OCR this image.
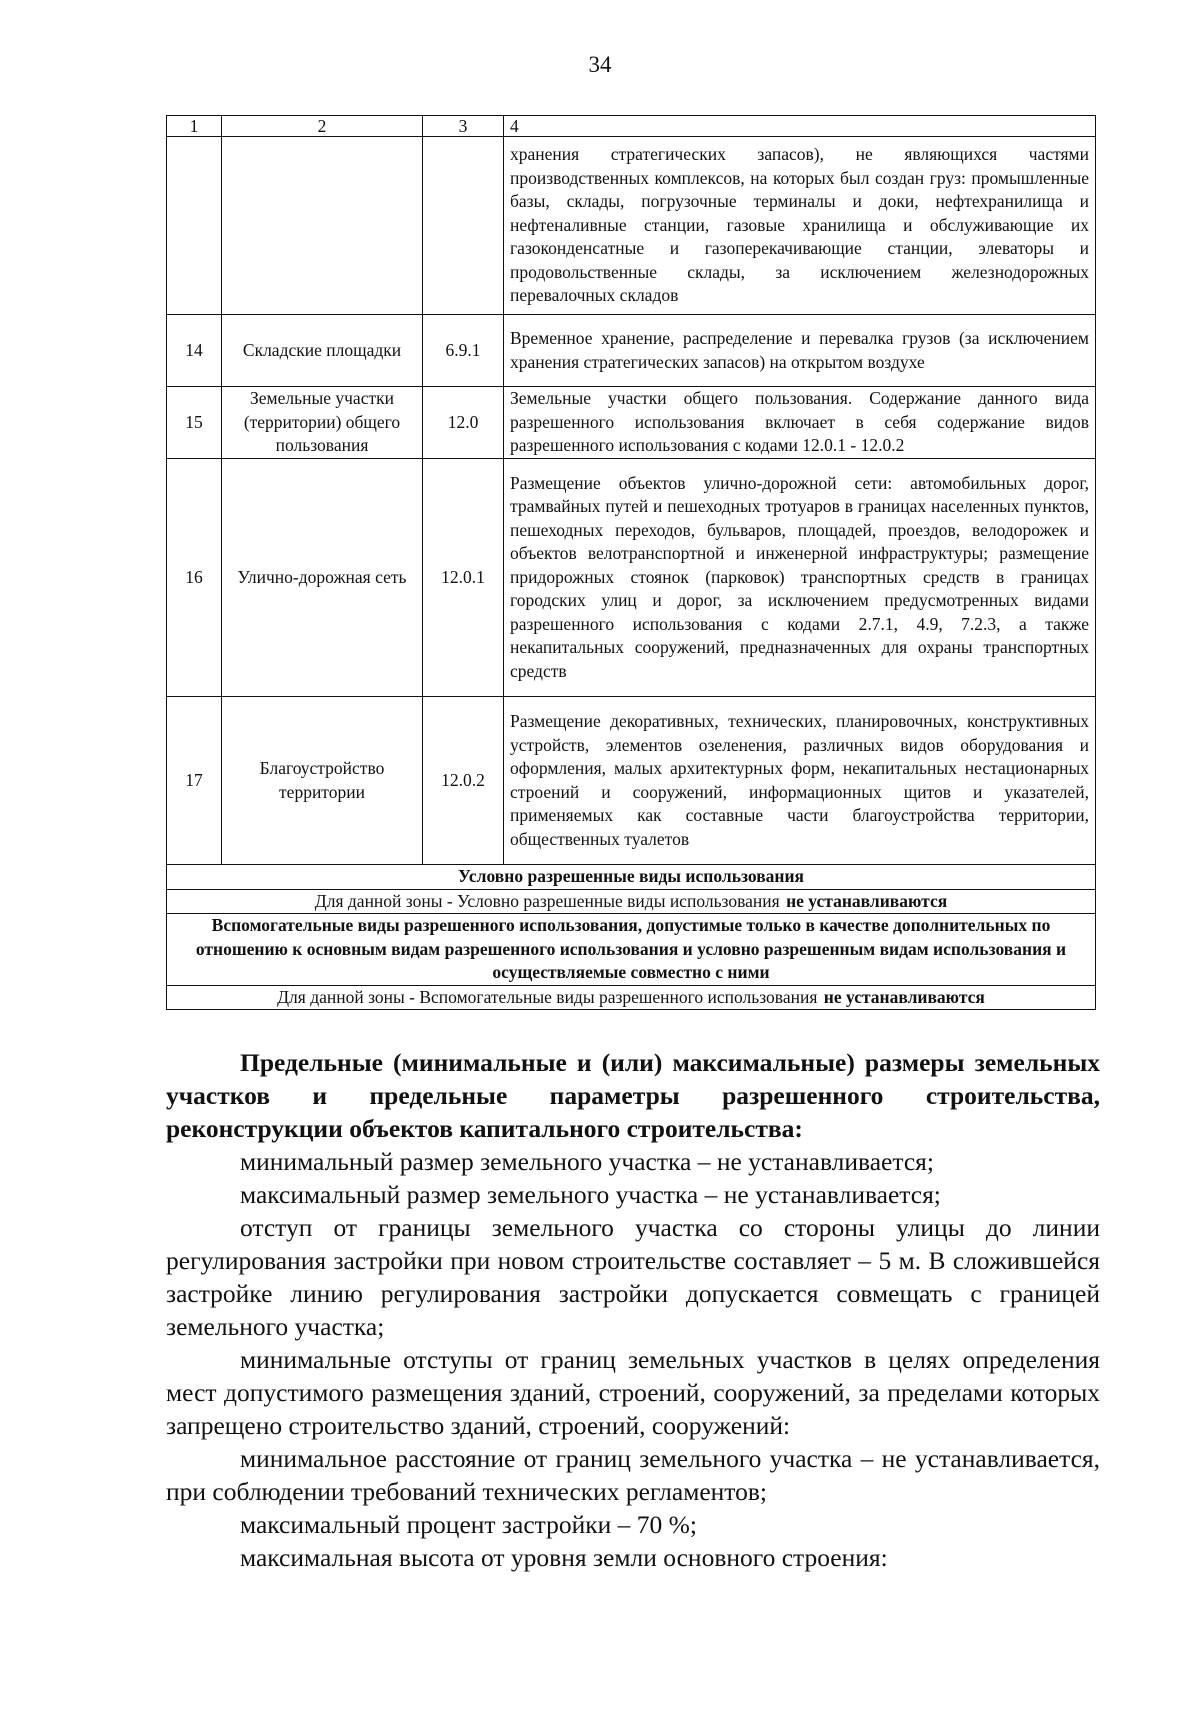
34
1	2	3	4
			хранения стратегических запасов), не являющихся частями производственных комплексов, на которых был создан груз: промышленные базы, склады, погрузочные терминалы и доки, нефтехранилища и нефтеналивные станции, газовые хранилища и обслуживающие их газоконденсатные и газоперекачивающие станции, элеваторы и продовольственные склады, за исключением железнодорожных перевалочных складов
14	Складские площадки	6.9.1	Временное хранение, распределение и перевалка грузов (за исключением хранения стратегических запасов) на открытом воздухе
15	Земельные участки (территории) общего пользования	12.0	Земельные участки общего пользования. Содержание данного вида разрешенного использования включает в себя содержание видов разрешенного использования с кодами 12.0.1 - 12.0.2
16	Улично-дорожная сеть	12.0.1	Размещение объектов улично-дорожной сети: автомобильных дорог, трамвайных путей и пешеходных тротуаров в границах населенных пунктов, пешеходных переходов, бульваров, площадей, проездов, велодорожек и объектов велотранспортной и инженерной инфраструктуры; размещение придорожных стоянок (парковок) транспортных средств в границах городских улиц и дорог, за исключением предусмотренных видами разрешенного использования с кодами 2.7.1, 4.9, 7.2.3, а также некапитальных сооружений, предназначенных для охраны транспортных средств
17	Благоустройство территории	12.0.2	Размещение декоративных, технических, планировочных, конструктивных устройств, элементов озеленения, различных видов оборудования и оформления, малых архитектурных форм, некапитальных нестационарных строений и сооружений, информационных щитов и указателей, применяемых как составные части благоустройства территории, общественных туалетов
Условно разрешенные виды использования			
Для данной зоны - Условно разрешенные виды использования не устанавливаются			
Вспомогательные виды разрешенного использования, допустимые только в качестве дополнительных по отношению к основным видам разрешенного использования и условно разрешенным видам использования и осуществляемые совместно с ними			
Для данной зоны - Вспомогательные виды разрешенного использования не устанавливаются			

Предельные (минимальные и (или) максимальные) размеры земельных участков и предельные параметры разрешенного строительства, реконструкции объектов капитального строительства:

минимальный размер земельного участка – не устанавливается;

максимальный размер земельного участка – не устанавливается;

отступ от границы земельного участка со стороны улицы до линии регулирования застройки при новом строительстве составляет – 5 м. В сложившейся застройке линию регулирования застройки допускается совмещать с границей земельного участка;

минимальные отступы от границ земельных участков в целях определения мест допустимого размещения зданий, строений, сооружений, за пределами которых запрещено строительство зданий, строений, сооружений:

минимальное расстояние от границ земельного участка – не устанавливается, при соблюдении требований технических регламентов;

максимальный процент застройки – 70 %;

максимальная высота от уровня земли основного строения:
